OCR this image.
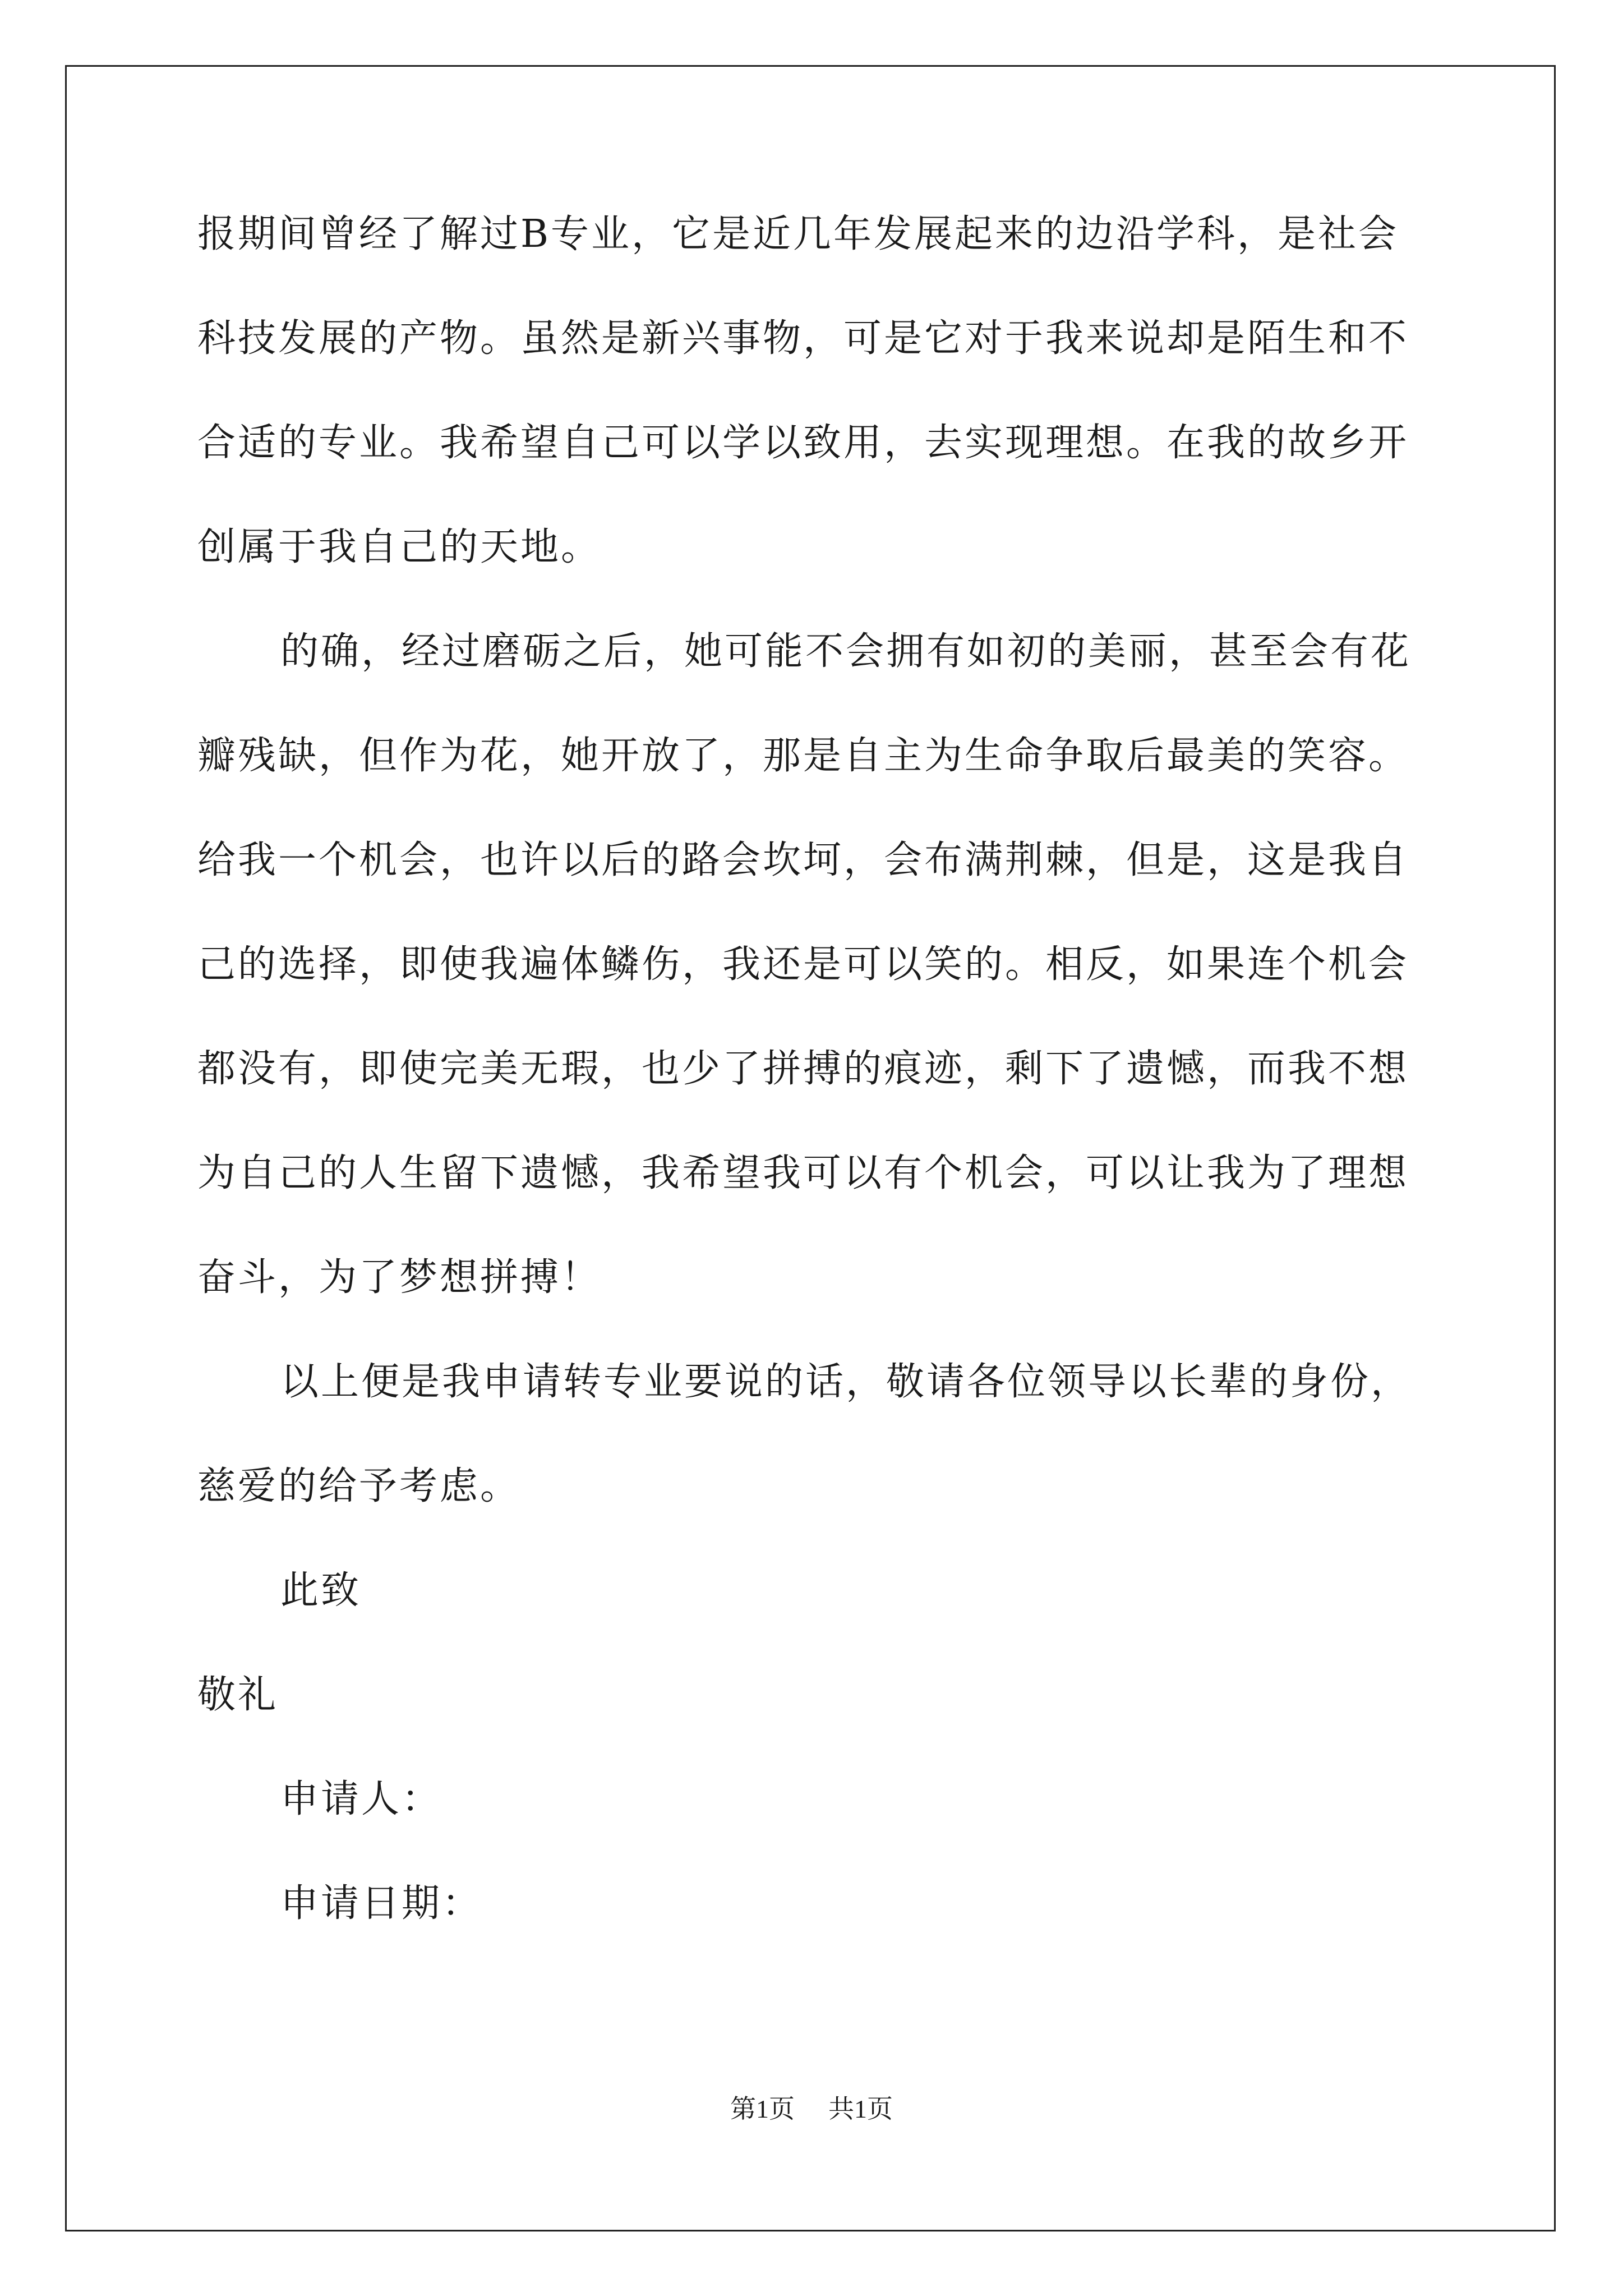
报期间曾经了解过B专业，它是近几年发展起来的边沿学科，是社会
科技发展的产物。虽然是新兴事物，可是它对于我来说却是陌生和不
合适的专业。我希望自己可以学以致用，去实现理想。在我的故乡开
创属于我自己的天地。
的确，经过磨砺之后，她可能不会拥有如初的美丽，甚至会有花
瓣残缺，但作为花，她开放了，那是自主为生命争取后最美的笑容。
给我一个机会，也许以后的路会坎坷，会布满荆棘，但是，这是我自
己的选择，即使我遍体鳞伤，我还是可以笑的。相反，如果连个机会
都没有，即使完美无瑕，也少了拼搏的痕迹，剩下了遗憾，而我不想
为自己的人生留下遗憾，我希望我可以有个机会，可以让我为了理想
奋斗，为了梦想拼搏！
以上便是我申请转专业要说的话，敬请各位领导以长辈的身份，
慈爱的给予考虑。
此致
敬礼
申请人：
申请日期：
第1页 共1页
